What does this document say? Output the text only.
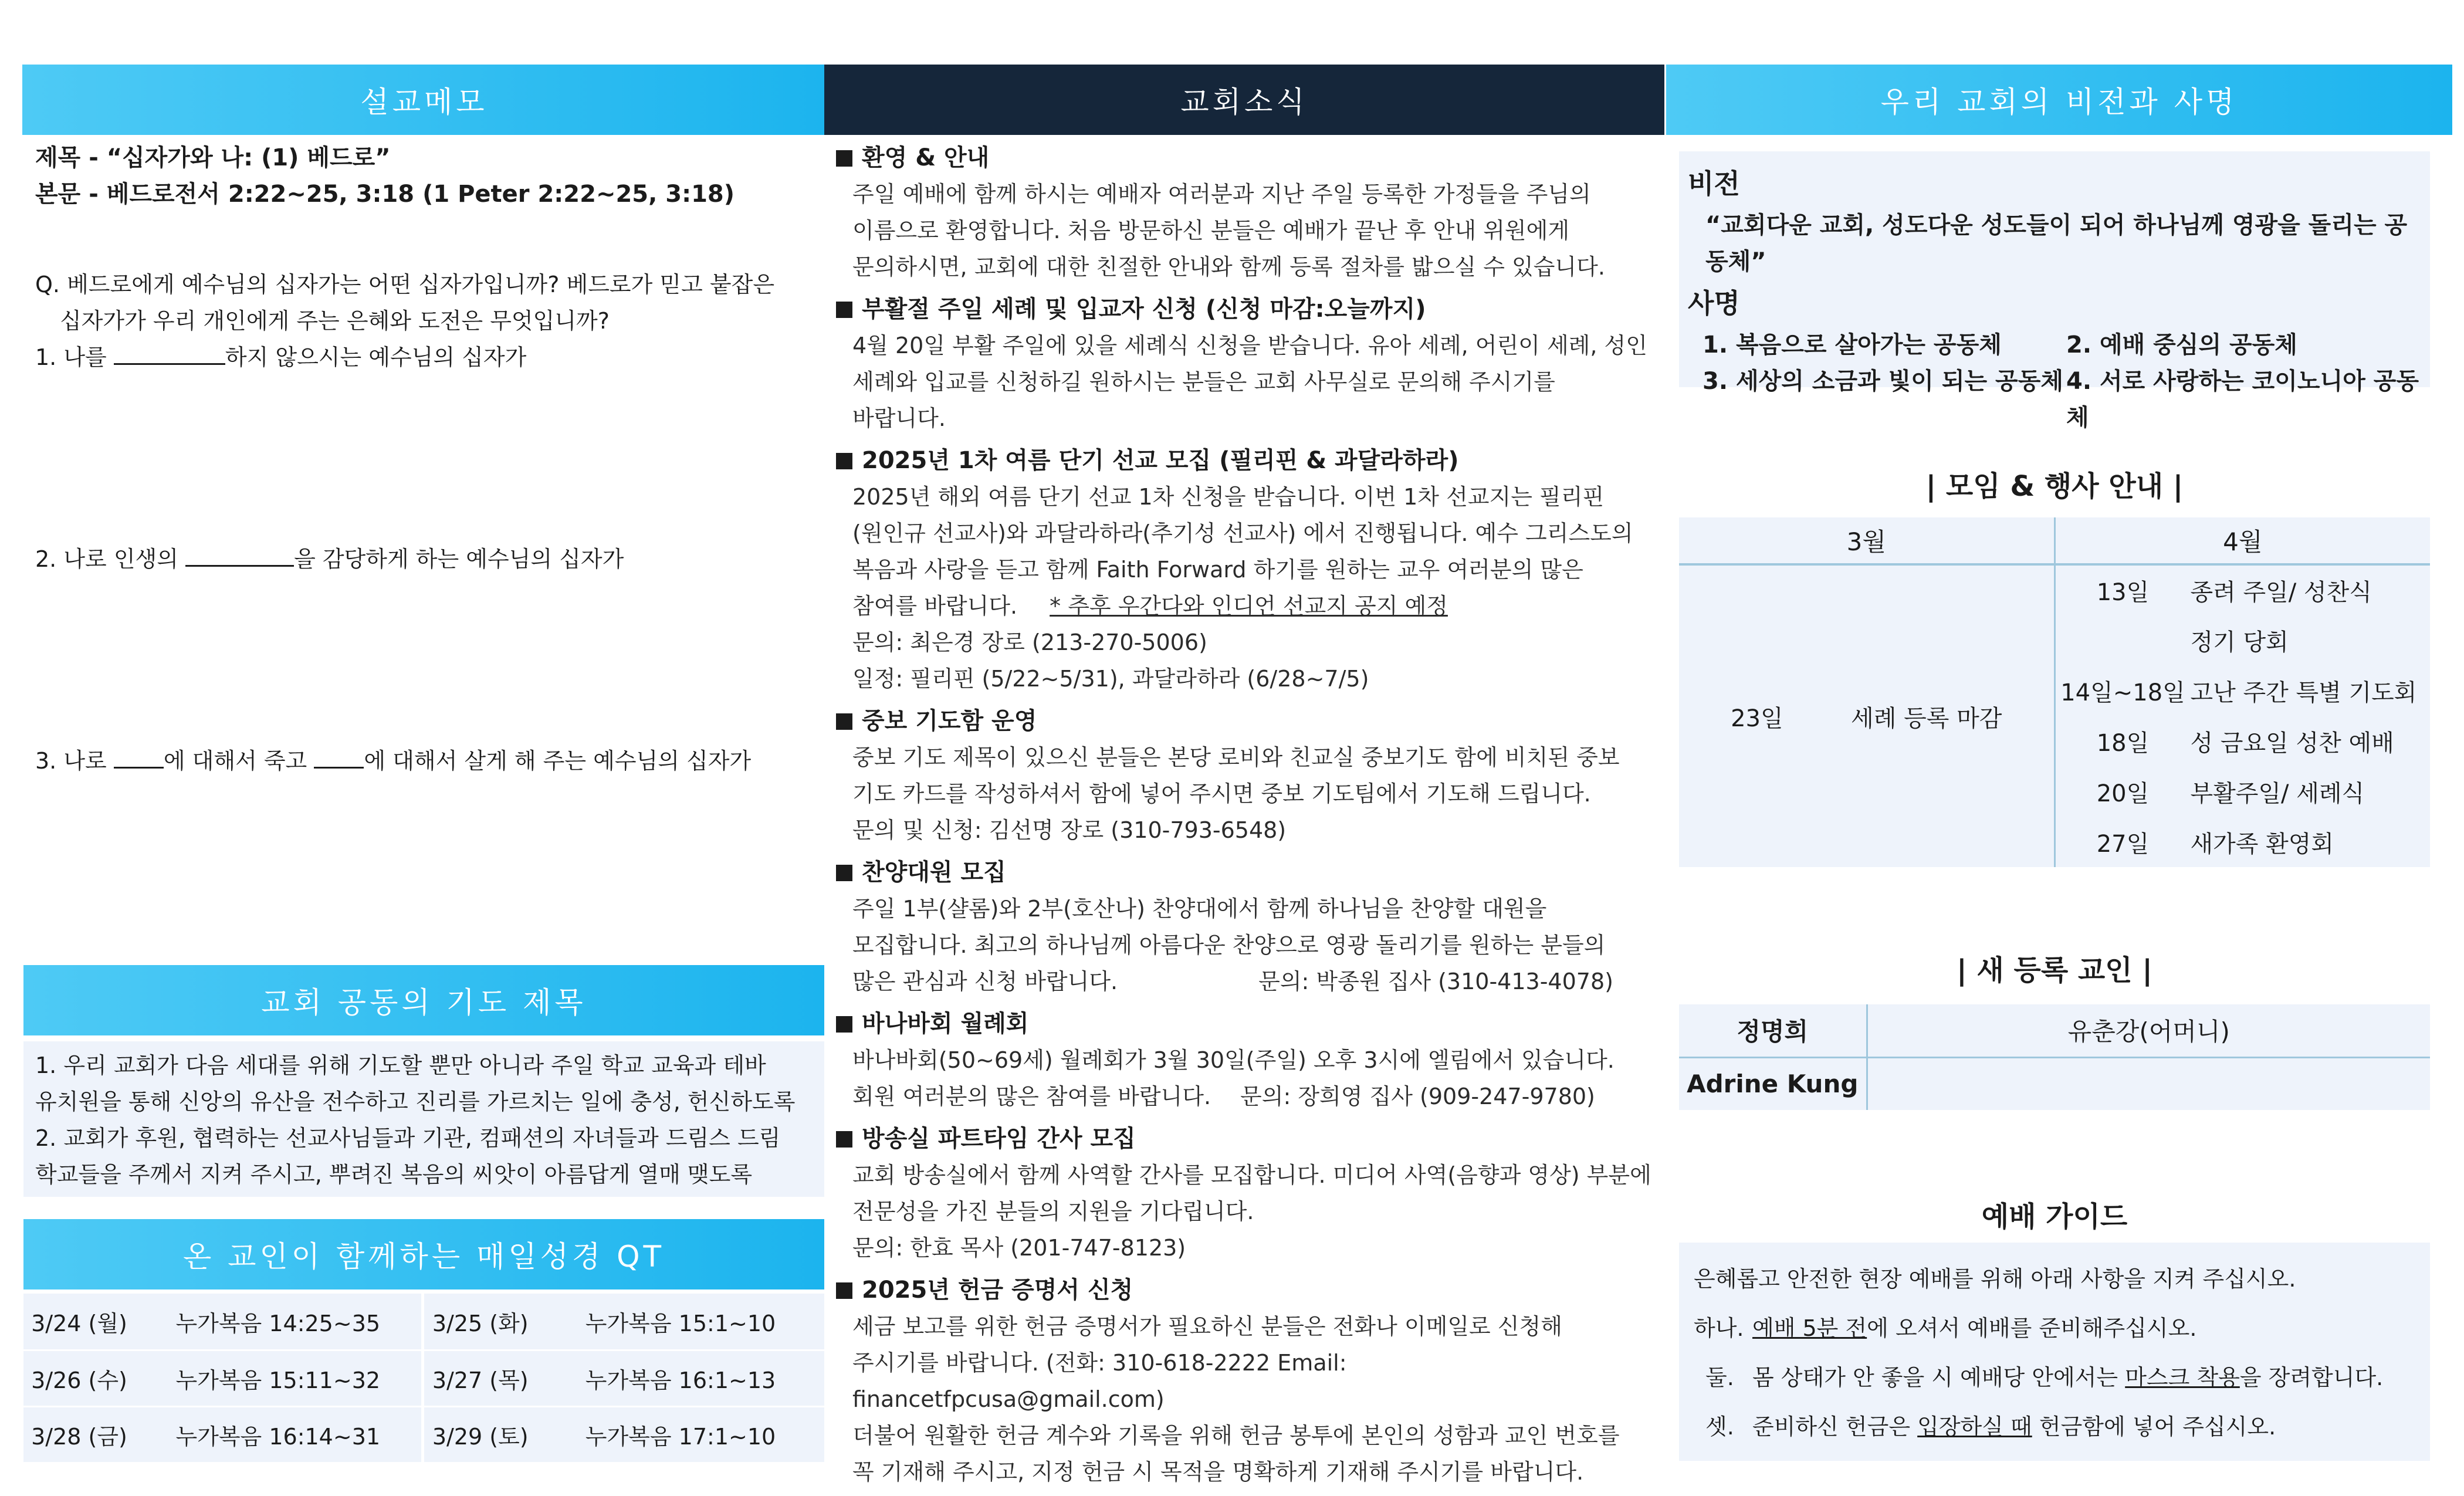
설교메모
제목 - “십자가와 나: (1) 베드로”
본문 - 베드로전서 2:22~25, 3:18 (1 Peter 2:22~25, 3:18)
Q. 베드로에게 예수님의 십자가는 어떤 십자가입니까? 베드로가 믿고 붙잡은
십자가가 우리 개인에게 주는 은혜와 도전은 무엇입니까?
1. 나를	하지 않으시는 예수님의 십자가
2. 나로 인생의	을 감당하게 하는 예수님의 십자가
3. 나로	에 대해서 죽고	에 대해서 살게 해 주는 예수님의 십자가
교회 공동의 기도 제목

1. 우리 교회가 다음 세대를 위해 기도할 뿐만 아니라 주일 학교 교육과 테바

유치원을 통해 신앙의 유산을 전수하고 진리를 가르치는 일에 충성, 헌신하도록

2. 교회가 후원, 협력하는 선교사님들과 기관, 컴패션의 자녀들과 드림스 드림

학교들을 주께서 지켜 주시고, 뿌려진 복음의 씨앗이 아름답게 열매 맺도록

온 교인이 함께하는 매일성경 QT
3/24 (월)	누가복음 14:25~35	3/25 (화)	누가복음 15:1~10
3/26 (수)	누가복음 15:11~32	3/27 (목)	누가복음 16:1~13
3/28 (금)	누가복음 16:14~31	3/29 (토)	누가복음 17:1~10
교회소식
환영 & 안내
주일 예배에 함께 하시는 예배자 여러분과 지난 주일 등록한 가정들을 주님의
이름으로 환영합니다. 처음 방문하신 분들은 예배가 끝난 후 안내 위원에게
문의하시면, 교회에 대한 친절한 안내와 함께 등록 절차를 밟으실 수 있습니다.
부활절 주일 세례 및 입교자 신청 (신청 마감:오늘까지)
4월 20일 부활 주일에 있을 세례식 신청을 받습니다. 유아 세례, 어린이 세례, 성인
세례와 입교를 신청하길 원하시는 분들은 교회 사무실로 문의해 주시기를
바랍니다.
2025년 1차 여름 단기 선교 모집 (필리핀 & 과달라하라)
2025년 해외 여름 단기 선교 1차 신청을 받습니다. 이번 1차 선교지는 필리핀
(원인규 선교사)와 과달라하라(추기성 선교사) 에서 진행됩니다. 예수 그리스도의
복음과 사랑을 듣고 함께 Faith Forward 하기를 원하는 교우 여러분의 많은
참여를 바랍니다. * 추후 우간다와 인디언 선교지 공지 예정
문의: 최은경 장로 (213-270-5006)
일정: 필리핀 (5/22~5/31), 과달라하라 (6/28~7/5)
중보 기도함 운영
중보 기도 제목이 있으신 분들은 본당 로비와 친교실 중보기도 함에 비치된 중보
기도 카드를 작성하셔서 함에 넣어 주시면 중보 기도팀에서 기도해 드립니다.
문의 및 신청: 김선명 장로 (310-793-6548)
찬양대원 모집
주일 1부(샬롬)와 2부(호산나) 찬양대에서 함께 하나님을 찬양할 대원을
모집합니다. 최고의 하나님께 아름다운 찬양으로 영광 돌리기를 원하는 분들의
많은 관심과 신청 바랍니다.	문의: 박종원 집사 (310-413-4078)
바나바회 월례회
바나바회(50~69세) 월례회가 3월 30일(주일) 오후 3시에 엘림에서 있습니다.
회원 여러분의 많은 참여를 바랍니다. 문의: 장희영 집사 (909-247-9780)
방송실 파트타임 간사 모집
교회 방송실에서 함께 사역할 간사를 모집합니다. 미디어 사역(음향과 영상) 부분에
전문성을 가진 분들의 지원을 기다립니다.
문의: 한효 목사 (201-747-8123)
2025년 헌금 증명서 신청
세금 보고를 위한 헌금 증명서가 필요하신 분들은 전화나 이메일로 신청해
주시기를 바랍니다. (전화: 310-618-2222 Email: financetfpcusa@gmail.com)
더불어 원활한 헌금 계수와 기록을 위해 헌금 봉투에 본인의 성함과 교인 번호를
꼭 기재해 주시고, 지정 헌금 시 목적을 명확하게 기재해 주시기를 바랍니다.
우리 교회의 비전과 사명
비전
“교회다운 교회, 성도다운 성도들이 되어 하나님께 영광을 돌리는 공동체”
사명
1. 복음으로 살아가는 공동체	2. 예배 중심의 공동체
3. 세상의 소금과 빛이 되는 공동체 4. 서로 사랑하는 코이노니아 공동체
| 모임 & 행사 안내 |
3월	4월
23일 세례 등록 마감	13일 종려 주일/ 성찬식
	정기 당회
	14일~18일 고난 주간 특별 기도회
	18일 성 금요일 성찬 예배
	20일 부활주일/ 세례식
	27일 새가족 환영회
| 새 등록 교인 |
정명희	유춘강(어머니)
Adrine Kung	
예배 가이드

은혜롭고 안전한 현장 예배를 위해 아래 사항을 지켜 주십시오.

하나. 예배 5분 전에 오셔서 예배를 준비해주십시오.

둘. 몸 상태가 안 좋을 시 예배당 안에서는 마스크 착용을 장려합니다.

셋. 준비하신 헌금은 입장하실 때 헌금함에 넣어 주십시오.
